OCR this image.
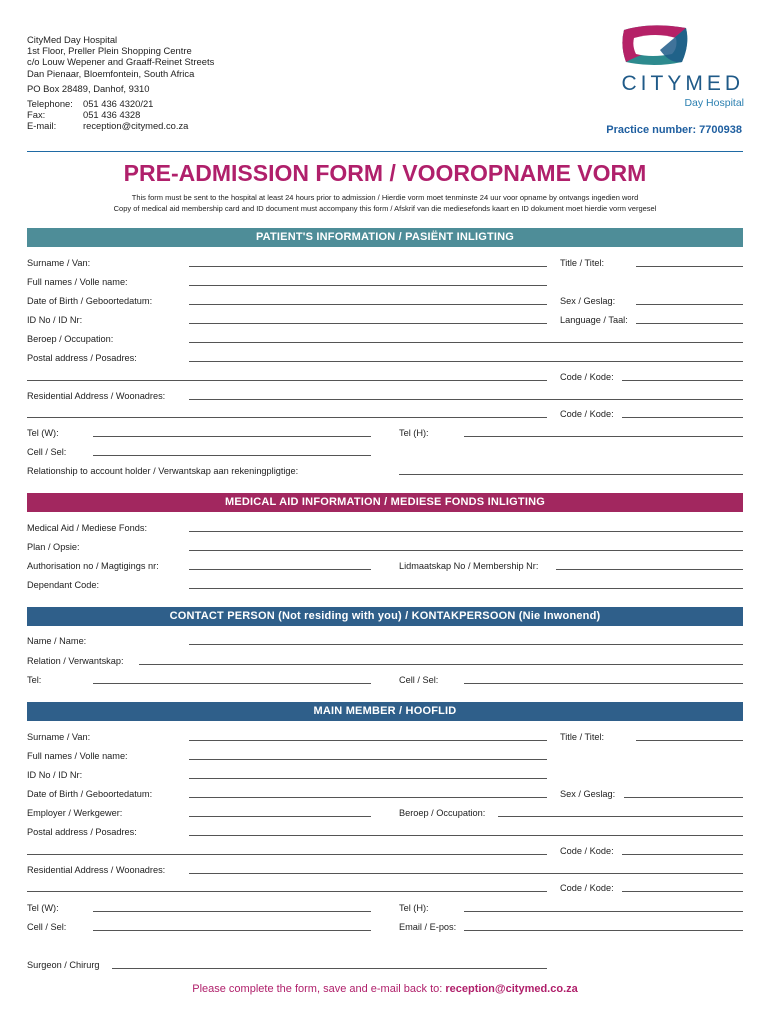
CityMed Day Hospital
1st Floor, Preller Plein Shopping Centre
c/o Louw Wepener and Graaff-Reinet Streets
Dan Pienaar, Bloemfontein, South Africa
PO Box 28489, Danhof, 9310
Telephone:	051 436 4320/21
Fax:	051 436 4328
E-mail:	reception@citymed.co.za
CITYMED
Day Hospital
Practice number: 7700938
PRE-ADMISSION FORM / VOOROPNAME VORM
This form must be sent to the hospital at least 24 hours prior to admission / Hierdie vorm moet tenminste 24 uur voor opname by ontvangs ingedien word
Copy of medical aid membership card and ID document must accompany this form / Afskrif van die mediesefonds kaart en ID dokument moet hierdie vorm vergesel
PATIENT'S INFORMATION / PASIËNT INLIGTING
Surname / Van:	Title / Titel:
Full names / Volle name:
Date of Birth / Geboortedatum:	Sex / Geslag:
ID No / ID Nr:	Language / Taal:
Beroep / Occupation:
Postal address / Posadres:
Code / Kode:
Residential Address / Woonadres:
Code / Kode:
Tel (W):	Tel (H):
Cell / Sel:
Relationship to account holder / Verwantskap aan rekeningpligtige:
MEDICAL AID INFORMATION / MEDIESE FONDS INLIGTING
Medical Aid / Mediese Fonds:
Plan / Opsie:
Authorisation no / Magtigings nr:	Lidmaatskap No / Membership Nr:
Dependant Code:
CONTACT PERSON (Not residing with you) / KONTAKPERSOON (Nie Inwonend)
Name / Name:
Relation / Verwantskap:
Tel:	Cell / Sel:
MAIN MEMBER / HOOFLID
Surname / Van:	Title / Titel:
Full names / Volle name:
ID No / ID Nr:
Date of Birth / Geboortedatum:	Sex / Geslag:
Employer / Werkgewer:	Beroep / Occupation:
Postal address / Posadres:
Code / Kode:
Residential Address / Woonadres:
Code / Kode:
Tel (W):	Tel (H):
Cell / Sel:	Email / E-pos:
Surgeon / Chirurg
Please complete the form, save and e-mail back to: reception@citymed.co.za
